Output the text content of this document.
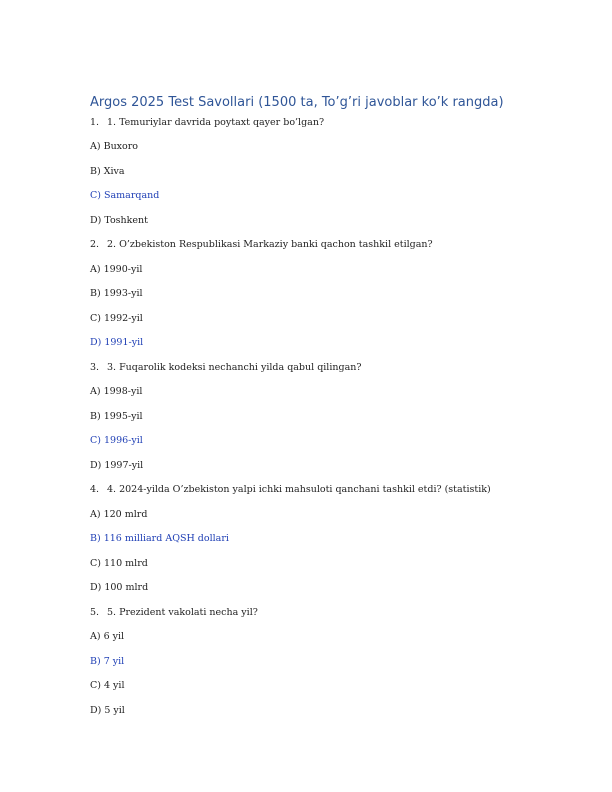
Argos 2025 Test Savollari (1500 ta, To’g’ri javoblar ko’k rangda)
1. 1. Temuriylar davrida poytaxt qayer bo’lgan?
A) Buxoro
B) Xiva
C) Samarqand
D) Toshkent
2. 2. O’zbekiston Respublikasi Markaziy banki qachon tashkil etilgan?
A) 1990-yil
B) 1993-yil
C) 1992-yil
D) 1991-yil
3. 3. Fuqarolik kodeksi nechanchi yilda qabul qilingan?
A) 1998-yil
B) 1995-yil
C) 1996-yil
D) 1997-yil
4. 4. 2024-yilda O’zbekiston yalpi ichki mahsuloti qanchani tashkil etdi? (statistik)
A) 120 mlrd
B) 116 milliard AQSH dollari
C) 110 mlrd
D) 100 mlrd
5. 5. Prezident vakolati necha yil?
A) 6 yil
B) 7 yil
C) 4 yil
D) 5 yil
